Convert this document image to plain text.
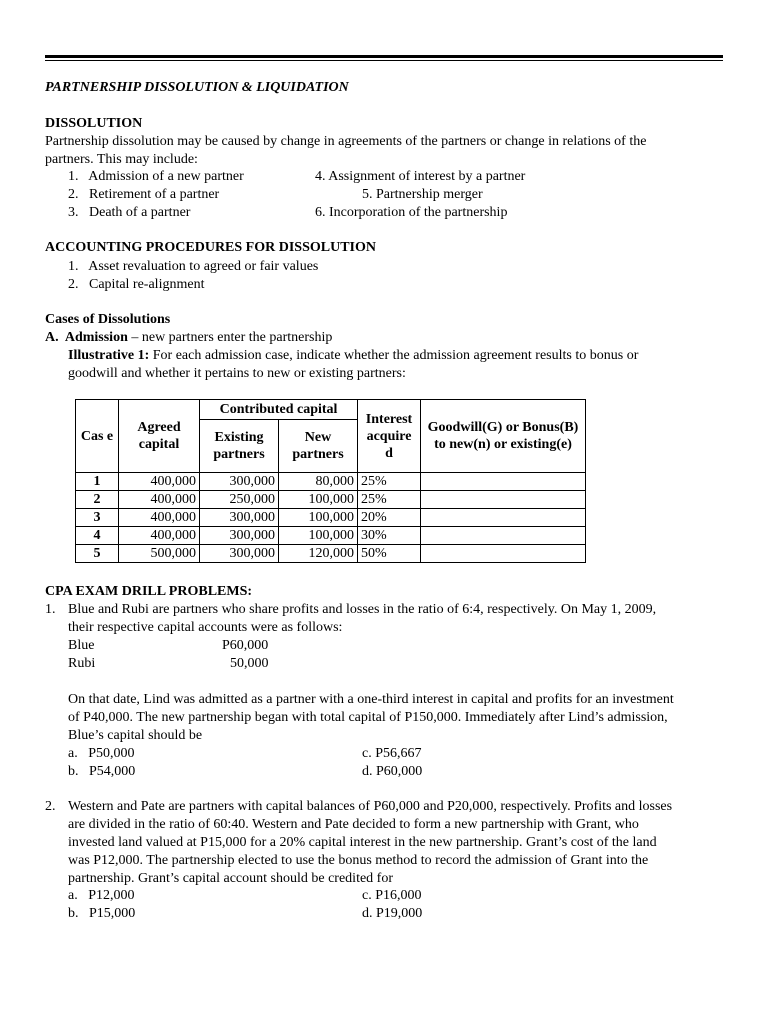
PARTNERSHIP DISSOLUTION & LIQUIDATION
DISSOLUTION
Partnership dissolution may be caused by change in agreements of the partners or change in relations of the
partners. This may include:
1.   Admission of a new partner
2.   Retirement of a partner
3.   Death of a partner
4. Assignment of interest by a partner
5. Partnership merger
6. Incorporation of the partnership
ACCOUNTING PROCEDURES FOR DISSOLUTION
1.   Asset revaluation to agreed or fair values
2.   Capital re-alignment
Cases of Dissolutions
A.  Admission – new partners enter the partnership
Illustrative 1: For each admission case, indicate whether the admission agreement results to bonus or
goodwill and whether it pertains to new or existing partners:
Cas e	Agreed capital	Contributed capital		Interest acquire d	Goodwill(G) or Bonus(B) to new(n) or existing(e)
		Existing partners	New partners		
1	400,000	300,000	80,000	25%	
2	400,000	250,000	100,000	25%	
3	400,000	300,000	100,000	20%	
4	400,000	300,000	100,000	30%	
5	500,000	300,000	120,000	50%	
CPA EXAM DRILL PROBLEMS:
1. Blue and Rubi are partners who share profits and losses in the ratio of 6:4, respectively. On May 1, 2009,
their respective capital accounts were as follows:
Blue	P60,000
Rubi	50,000
On that date, Lind was admitted as a partner with a one-third interest in capital and profits for an investment
of P40,000. The new partnership began with total capital of P150,000. Immediately after Lind’s admission,
Blue’s capital should be
a.   P50,000
b.   P54,000
c. P56,667
d. P60,000
2. Western and Pate are partners with capital balances of P60,000 and P20,000, respectively. Profits and losses
are divided in the ratio of 60:40. Western and Pate decided to form a new partnership with Grant, who
invested land valued at P15,000 for a 20% capital interest in the new partnership. Grant’s cost of the land
was P12,000. The partnership elected to use the bonus method to record the admission of Grant into the
partnership. Grant’s capital account should be credited for
a.   P12,000
b.   P15,000
c. P16,000
d. P19,000
